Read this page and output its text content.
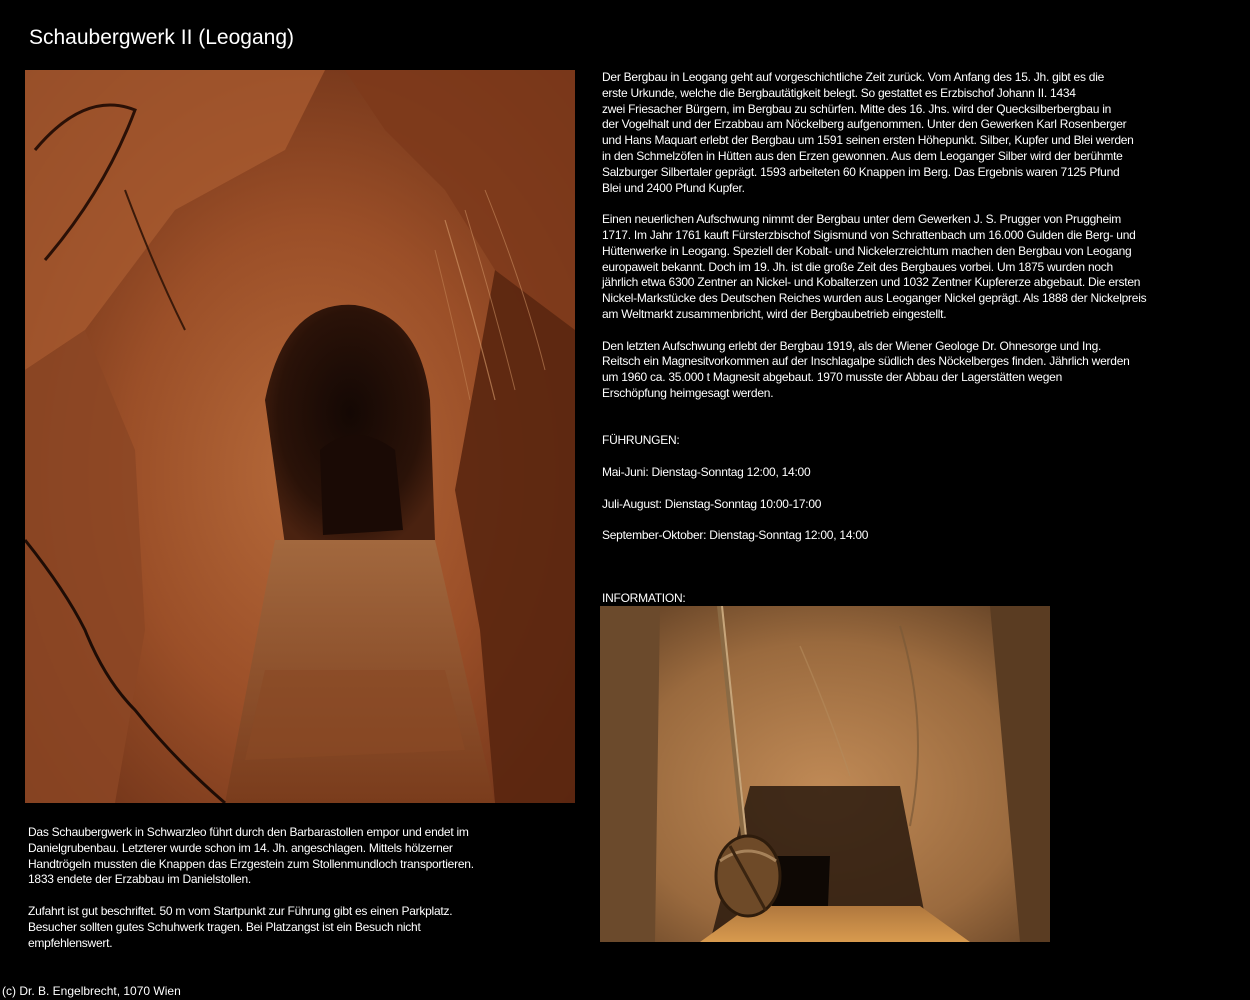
Schaubergwerk II (Leogang)

Der Bergbau in Leogang geht auf vorgeschichtliche Zeit zurück. Vom Anfang des 15. Jh. gibt es die
erste Urkunde, welche die Bergbautätigkeit belegt. So gestattet es Erzbischof Johann II. 1434
zwei Friesacher Bürgern, im Bergbau zu schürfen. Mitte des 16. Jhs. wird der Quecksilberbergbau in
der Vogelhalt und der Erzabbau am Nöckelberg aufgenommen. Unter den Gewerken Karl Rosenberger
und Hans Maquart erlebt der Bergbau um 1591 seinen ersten Höhepunkt. Silber, Kupfer und Blei werden
in den Schmelzöfen in Hütten aus den Erzen gewonnen. Aus dem Leoganger Silber wird der berühmte
Salzburger Silbertaler geprägt. 1593 arbeiteten 60 Knappen im Berg. Das Ergebnis waren 7125 Pfund
Blei und 2400 Pfund Kupfer.

Einen neuerlichen Aufschwung nimmt der Bergbau unter dem Gewerken J. S. Prugger von Pruggheim
1717. Im Jahr 1761 kauft Fürsterzbischof Sigismund von Schrattenbach um 16.000 Gulden die Berg- und
Hüttenwerke in Leogang. Speziell der Kobalt- und Nickelerzreichtum machen den Bergbau von Leogang
europaweit bekannt. Doch im 19. Jh. ist die große Zeit des Bergbaues vorbei. Um 1875 wurden noch
jährlich etwa 6300 Zentner an Nickel- und Kobalterzen und 1032 Zentner Kupfererze abgebaut. Die ersten
Nickel-Markstücke des Deutschen Reiches wurden aus Leoganger Nickel geprägt. Als 1888 der Nickelpreis
am Weltmarkt zusammenbricht, wird der Bergbaubetrieb eingestellt.

Den letzten Aufschwung erlebt der Bergbau 1919, als der Wiener Geologe Dr. Ohnesorge und Ing.
Reitsch ein Magnesitvorkommen auf der Inschlagalpe südlich des Nöckelberges finden. Jährlich werden
um 1960 ca. 35.000 t Magnesit abgebaut. 1970 musste der Abbau der Lagerstätten wegen
Erschöpfung heimgesagt werden.

FÜHRUNGEN:

Mai-Juni: Dienstag-Sonntag 12:00, 14:00

Juli-August: Dienstag-Sonntag 10:00-17:00

September-Oktober: Dienstag-Sonntag 12:00, 14:00

INFORMATION:

Das Schaubergwerk in Schwarzleo führt durch den Barbarastollen empor und endet im
Danielgrubenbau. Letzterer wurde schon im 14. Jh. angeschlagen. Mittels hölzerner
Handtrögeln mussten die Knappen das Erzgestein zum Stollenmundloch transportieren.
1833 endete der Erzabbau im Danielstollen.

Zufahrt ist gut beschriftet. 50 m vom Startpunkt zur Führung gibt es einen Parkplatz.
Besucher sollten gutes Schuhwerk tragen. Bei Platzangst ist ein Besuch nicht
empfehlenswert.

(c) Dr. B. Engelbrecht, 1070 Wien
